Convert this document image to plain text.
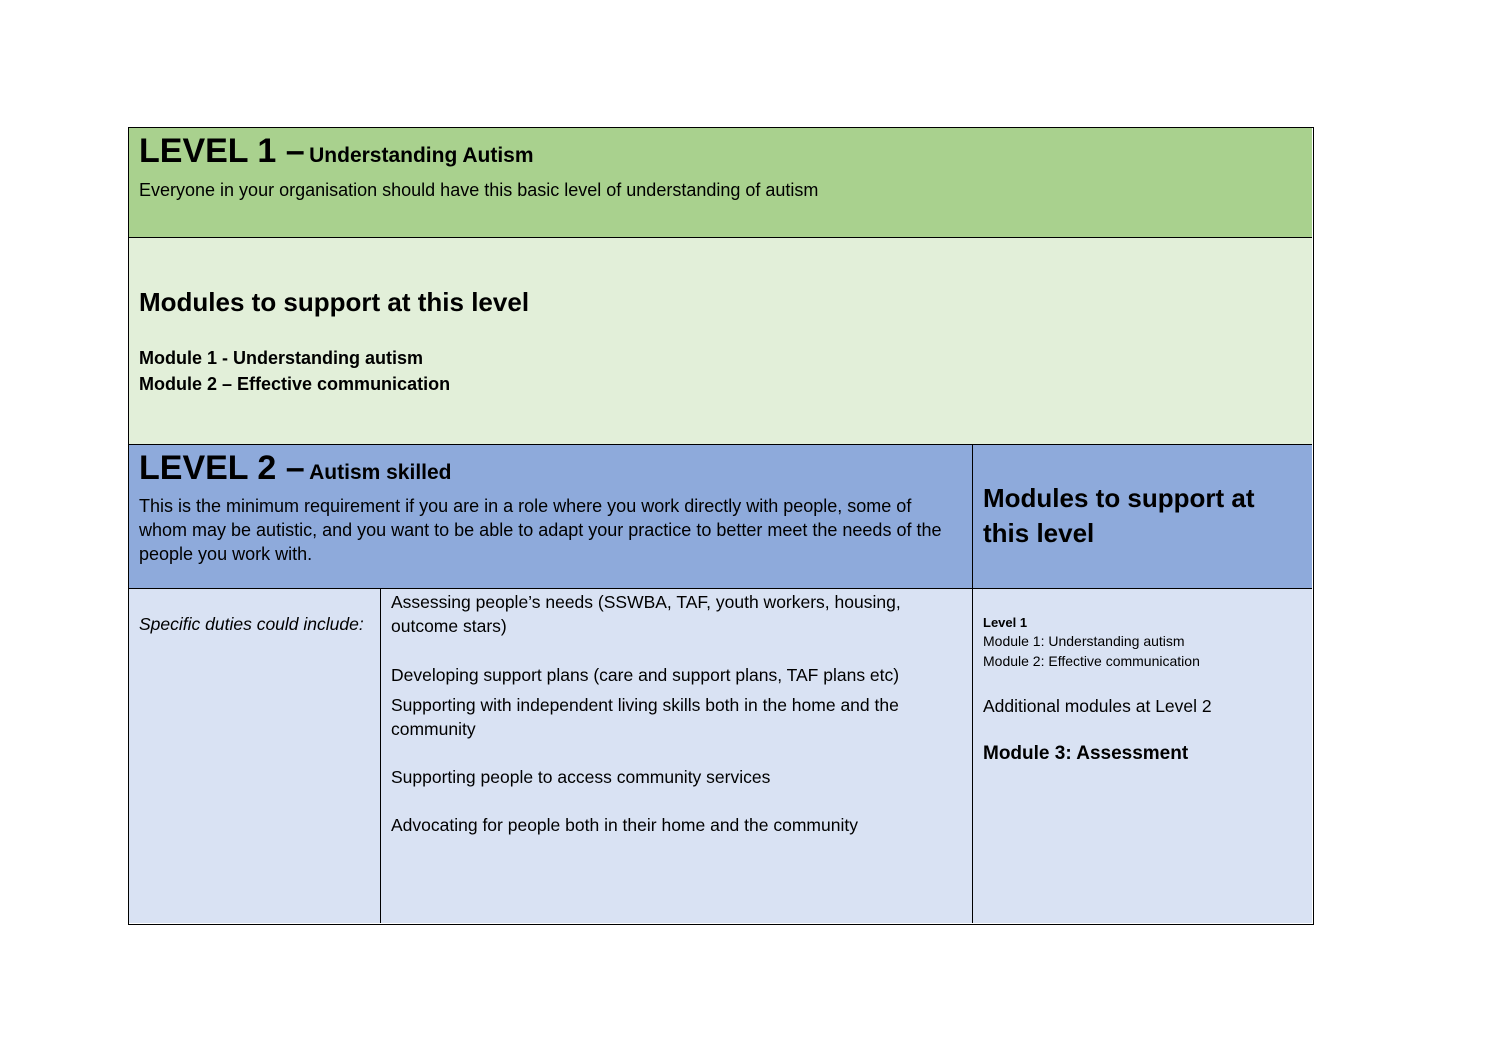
LEVEL 1 – Understanding Autism
Everyone in your organisation should have this basic level of understanding of autism
Modules to support at this level
Module 1 - Understanding autism
Module 2 – Effective communication
LEVEL 2 – Autism skilled
This is the minimum requirement if you are in a role where you work directly with people, some of whom may be autistic, and you want to be able to adapt your practice to better meet the needs of the people you work with.
Modules to support at this level
Specific duties could include:
Assessing people’s needs (SSWBA, TAF, youth workers, housing, outcome stars)
Developing support plans (care and support plans, TAF plans etc)
Supporting with independent living skills both in the home and the community
Supporting people to access community services
Advocating for people both in their home and the community
Level 1
Module 1: Understanding autism
Module 2: Effective communication
Additional modules at Level 2
Module 3: Assessment
